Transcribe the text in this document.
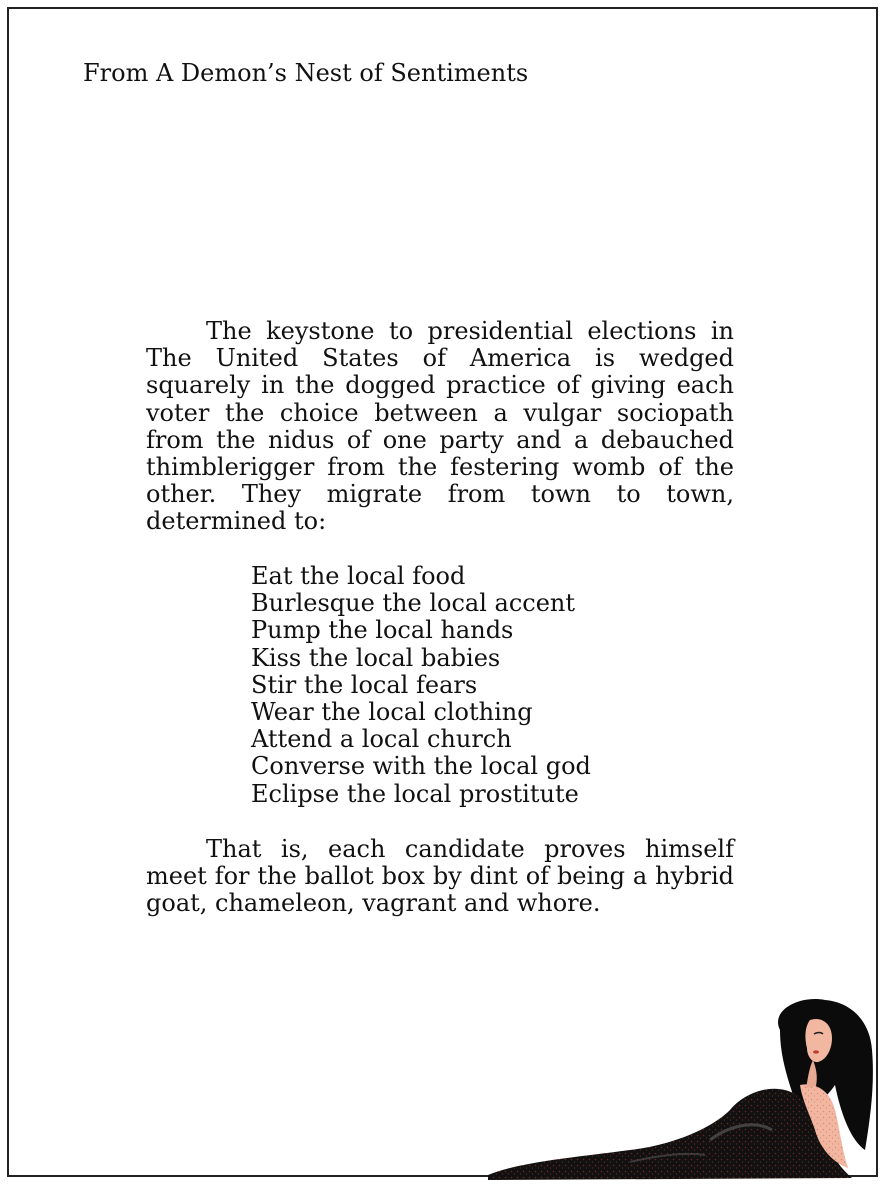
From A Demon’s Nest of Sentiments

The keystone to presidential elections in The United States of America is wedged squarely in the dogged practice of giving each voter the choice between a vulgar sociopath from the nidus of one party and a debauched thimblerigger from the festering womb of the other. They migrate from town to town, determined to:

Eat the local food
Burlesque the local accent
Pump the local hands
Kiss the local babies
Stir the local fears
Wear the local clothing
Attend a local church
Converse with the local god
Eclipse the local prostitute

That is, each candidate proves himself meet for the ballot box by dint of being a hybrid goat, chameleon, vagrant and whore.
